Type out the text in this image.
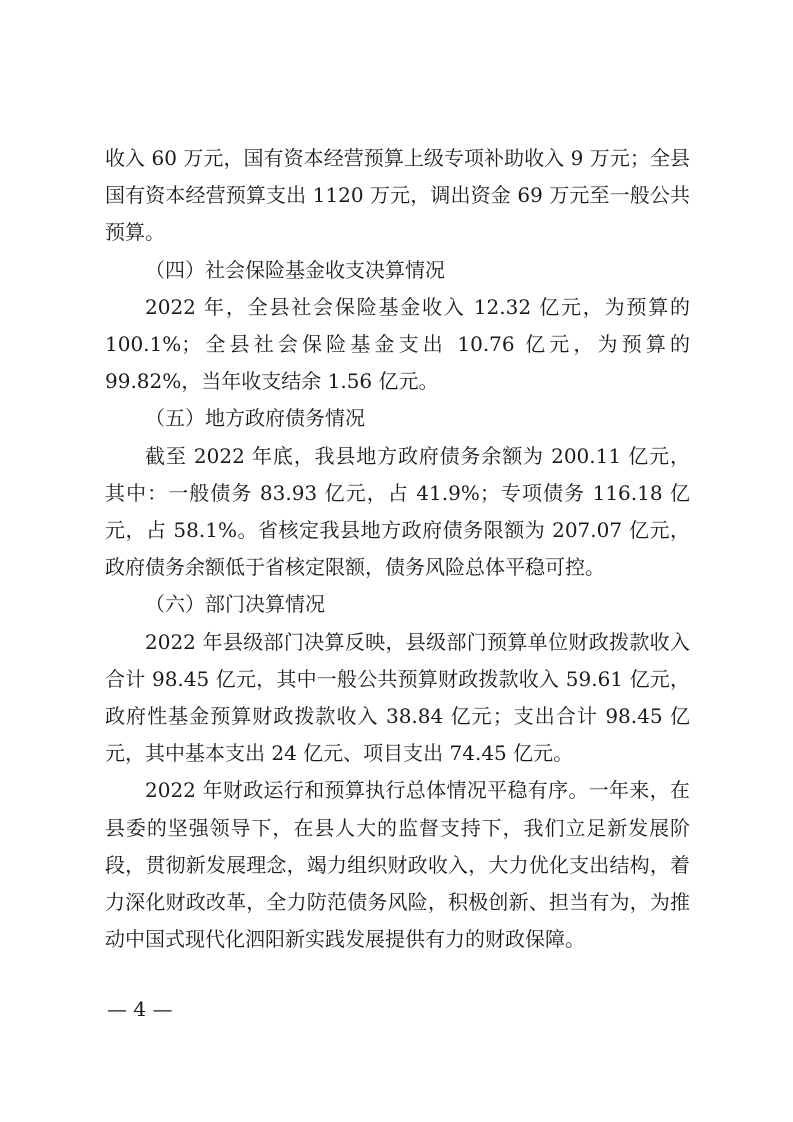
收入 60 万元，国有资本经营预算上级专项补助收入 9 万元；全县国有资本经营预算支出 1120 万元，调出资金 69 万元至一般公共预算。

（四）社会保险基金收支决算情况

2022 年，全县社会保险基金收入 12.32 亿元，为预算的 100.1%；全县社会保险基金支出 10.76 亿元，为预算的 99.82%，当年收支结余 1.56 亿元。

（五）地方政府债务情况

截至 2022 年底，我县地方政府债务余额为 200.11 亿元，其中：一般债务 83.93 亿元，占 41.9%；专项债务 116.18 亿元，占 58.1%。省核定我县地方政府债务限额为 207.07 亿元，政府债务余额低于省核定限额，债务风险总体平稳可控。

（六）部门决算情况

2022 年县级部门决算反映，县级部门预算单位财政拨款收入合计 98.45 亿元，其中一般公共预算财政拨款收入 59.61 亿元，政府性基金预算财政拨款收入 38.84 亿元；支出合计 98.45 亿元，其中基本支出 24 亿元、项目支出 74.45 亿元。

2022 年财政运行和预算执行总体情况平稳有序。一年来，在县委的坚强领导下，在县人大的监督支持下，我们立足新发展阶段，贯彻新发展理念，竭力组织财政收入，大力优化支出结构，着力深化财政改革，全力防范债务风险，积极创新、担当有为，为推动中国式现代化泗阳新实践发展提供有力的财政保障。

— 4 —
